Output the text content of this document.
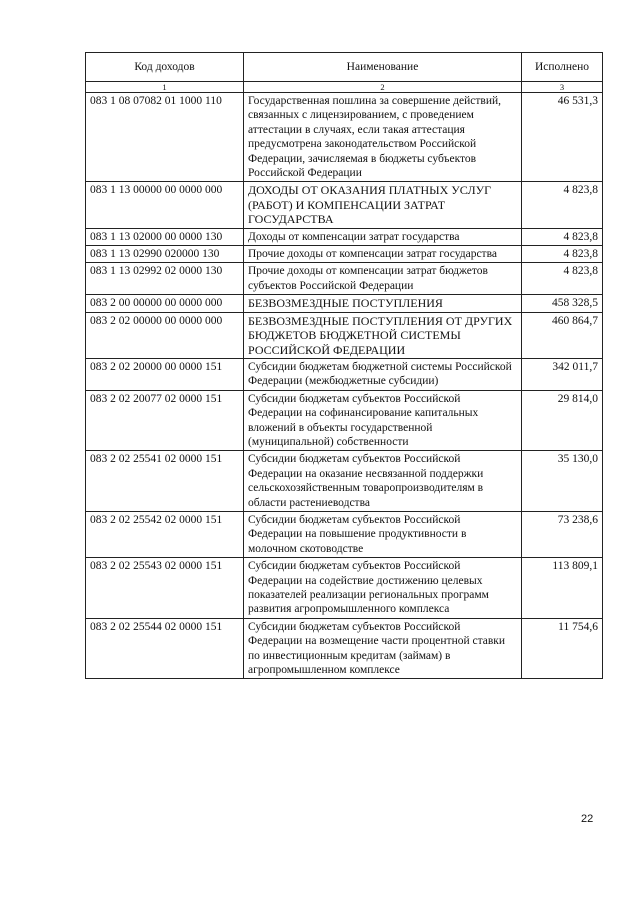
Код доходов	Наименование	Исполнено
1	2	3
083 1 08 07082 01 1000 110	Государственная пошлина за совершение действий, связанных с лицензированием, с проведением аттестации в случаях, если такая аттестация предусмотрена законодательством Российской Федерации, зачисляемая в бюджеты субъектов Российской Федерации	46 531,3
083 1 13 00000 00 0000 000	ДОХОДЫ ОТ ОКАЗАНИЯ ПЛАТНЫХ УСЛУГ (РАБОТ) И КОМПЕНСАЦИИ ЗАТРАТ ГОСУДАРСТВА	4 823,8
083 1 13 02000 00 0000 130	Доходы от компенсации затрат государства	4 823,8
083 1 13 02990 020000 130	Прочие доходы от компенсации затрат государства	4 823,8
083 1 13 02992 02 0000 130	Прочие доходы от компенсации затрат бюджетов субъектов Российской Федерации	4 823,8
083 2 00 00000 00 0000 000	БЕЗВОЗМЕЗДНЫЕ ПОСТУПЛЕНИЯ	458 328,5
083 2 02 00000 00 0000 000	БЕЗВОЗМЕЗДНЫЕ ПОСТУПЛЕНИЯ ОТ ДРУГИХ БЮДЖЕТОВ БЮДЖЕТНОЙ СИСТЕМЫ РОССИЙСКОЙ ФЕДЕРАЦИИ	460 864,7
083 2 02 20000 00 0000 151	Субсидии бюджетам бюджетной системы Российской Федерации (межбюджетные субсидии)	342 011,7
083 2 02 20077 02 0000 151	Субсидии бюджетам субъектов Российской Федерации на софинансирование капитальных вложений в объекты государственной (муниципальной) собственности	29 814,0
083 2 02 25541 02 0000 151	Субсидии бюджетам субъектов Российской Федерации на оказание несвязанной поддержки сельскохозяйственным товаропроизводителям в области растениеводства	35 130,0
083 2 02 25542 02 0000 151	Субсидии бюджетам субъектов Российской Федерации на повышение продуктивности в молочном скотоводстве	73 238,6
083 2 02 25543 02 0000 151	Субсидии бюджетам субъектов Российской Федерации на содействие достижению целевых показателей реализации региональных программ развития агропромышленного комплекса	113 809,1
083 2 02 25544 02 0000 151	Субсидии бюджетам субъектов Российской Федерации на возмещение части процентной ставки по инвестиционным кредитам (займам) в агропромышленном комплексе	11 754,6
22
